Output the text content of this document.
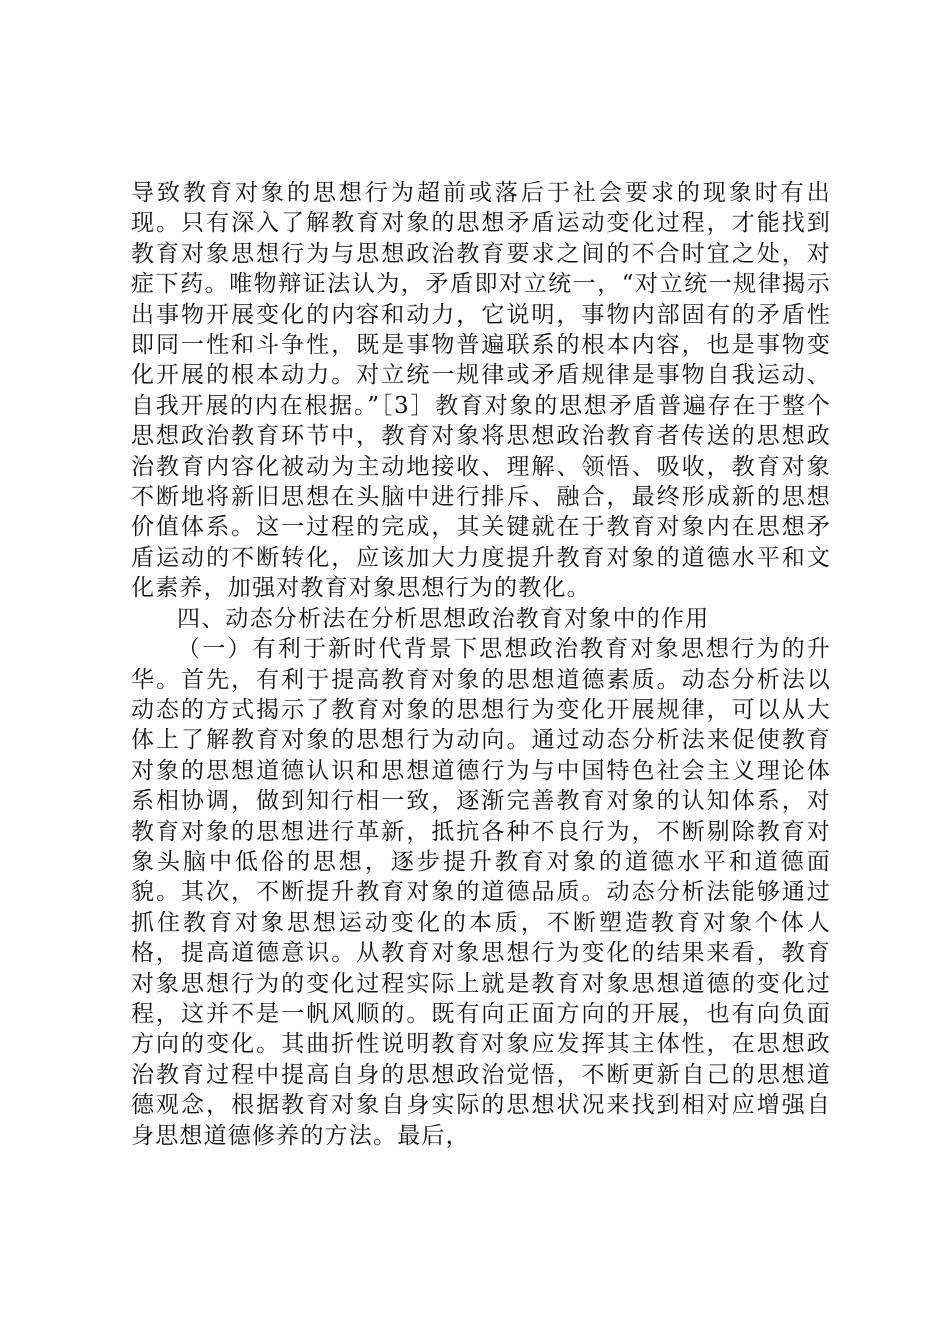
导致教育对象的思想行为超前或落后于社会要求的现象时有出现。只有深入了解教育对象的思想矛盾运动变化过程，才能找到教育对象思想行为与思想政治教育要求之间的不合时宜之处，对症下药。唯物辩证法认为，矛盾即对立统一，“对立统一规律揭示出事物开展变化的内容和动力，它说明，事物内部固有的矛盾性即同一性和斗争性，既是事物普遍联系的根本内容，也是事物变化开展的根本动力。对立统一规律或矛盾规律是事物自我运动、自我开展的内在根据。”［3］教育对象的思想矛盾普遍存在于整个思想政治教育环节中，教育对象将思想政治教育者传送的思想政治教育内容化被动为主动地接收、理解、领悟、吸收，教育对象不断地将新旧思想在头脑中进行排斥、融合，最终形成新的思想价值体系。这一过程的完成，其关键就在于教育对象内在思想矛盾运动的不断转化，应该加大力度提升教育对象的道德水平和文化素养，加强对教育对象思想行为的教化。

四、动态分析法在分析思想政治教育对象中的作用

（一）有利于新时代背景下思想政治教育对象思想行为的升华。首先，有利于提高教育对象的思想道德素质。动态分析法以动态的方式揭示了教育对象的思想行为变化开展规律，可以从大体上了解教育对象的思想行为动向。通过动态分析法来促使教育对象的思想道德认识和思想道德行为与中国特色社会主义理论体系相协调，做到知行相一致，逐渐完善教育对象的认知体系，对教育对象的思想进行革新，抵抗各种不良行为，不断剔除教育对象头脑中低俗的思想，逐步提升教育对象的道德水平和道德面貌。其次，不断提升教育对象的道德品质。动态分析法能够通过抓住教育对象思想运动变化的本质，不断塑造教育对象个体人格，提高道德意识。从教育对象思想行为变化的结果来看，教育对象思想行为的变化过程实际上就是教育对象思想道德的变化过程，这并不是一帆风顺的。既有向正面方向的开展，也有向负面方向的变化。其曲折性说明教育对象应发挥其主体性，在思想政治教育过程中提高自身的思想政治觉悟，不断更新自己的思想道德观念，根据教育对象自身实际的思想状况来找到相对应增强自身思想道德修养的方法。最后，
